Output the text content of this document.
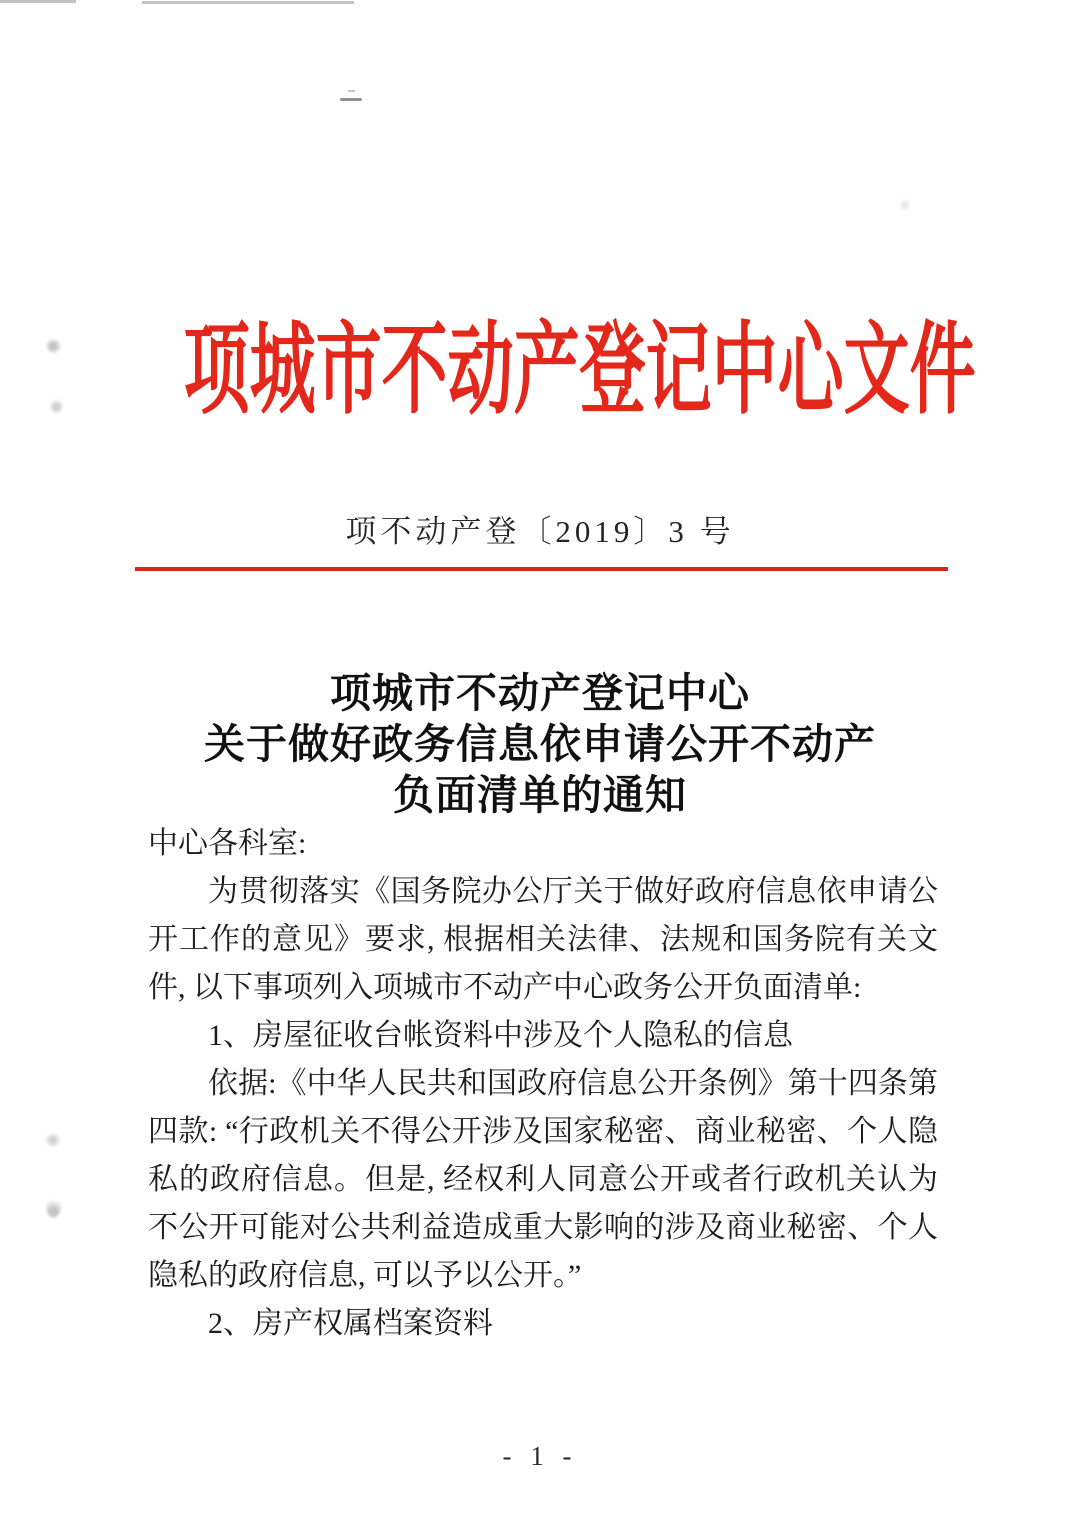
项城市不动产登记中心文件
项不动产登〔2019〕3 号
项城市不动产登记中心
关于做好政务信息依申请公开不动产
负面清单的通知

中心各科室:

为贯彻落实《国务院办公厅关于做好政府信息依申请公开工作的意见》要求, 根据相关法律、法规和国务院有关文件, 以下事项列入项城市不动产中心政务公开负面清单:

1、房屋征收台帐资料中涉及个人隐私的信息

依据:《中华人民共和国政府信息公开条例》第十四条第四款: “行政机关不得公开涉及国家秘密、商业秘密、个人隐私的政府信息。但是, 经权利人同意公开或者行政机关认为不公开可能对公共利益造成重大影响的涉及商业秘密、个人隐私的政府信息, 可以予以公开。”

2、房产权属档案资料

- 1 -
